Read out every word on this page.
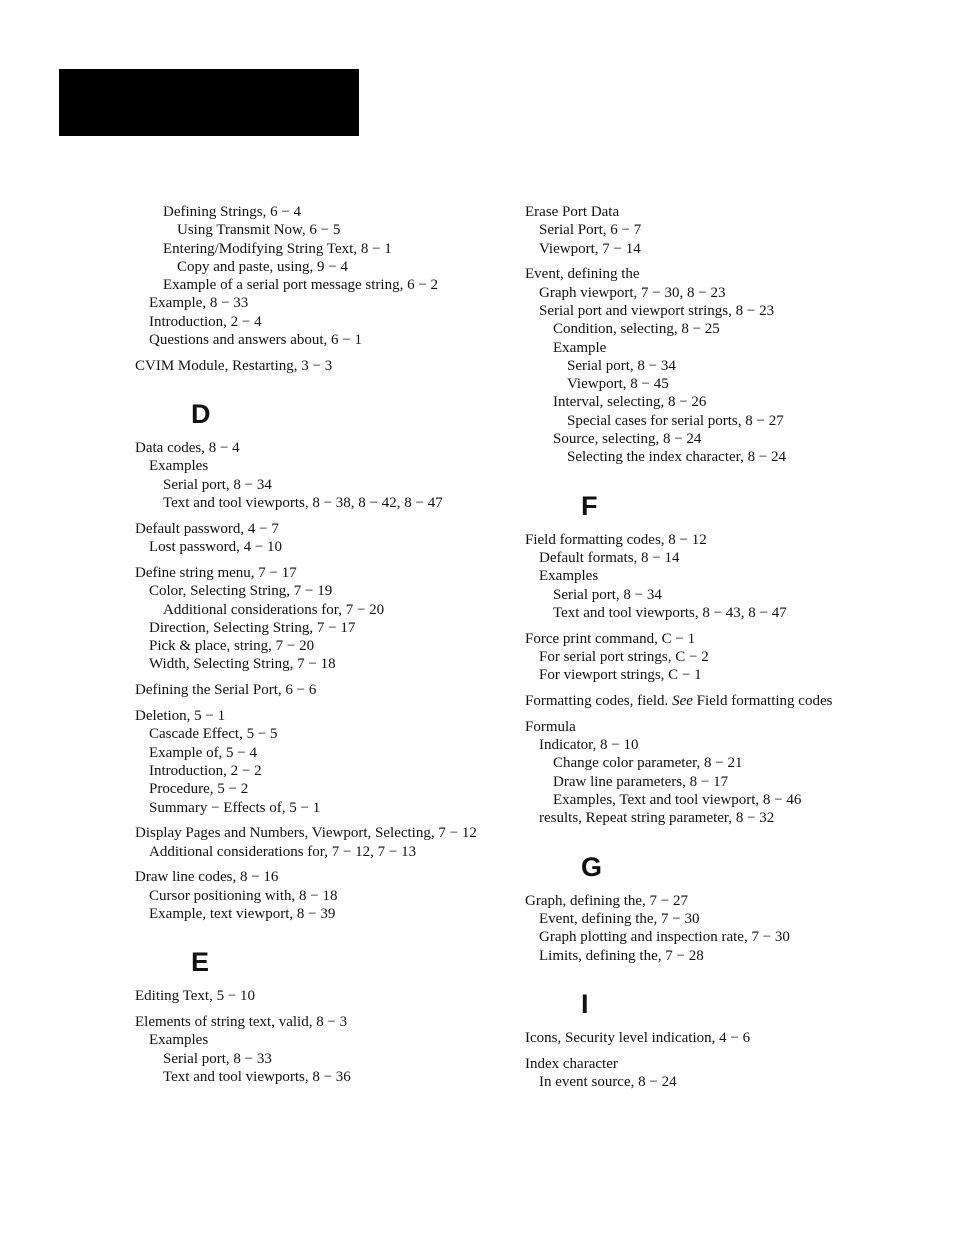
Defining Strings, 6 − 4
Using Transmit Now, 6 − 5
Entering/Modifying String Text, 8 − 1
Copy and paste, using, 9 − 4
Example of a serial port message string, 6 − 2
Example, 8 − 33
Introduction, 2 − 4
Questions and answers about, 6 − 1
CVIM Module, Restarting, 3 − 3
D
Data codes, 8 − 4
Examples
Serial port, 8 − 34
Text and tool viewports, 8 − 38, 8 − 42, 8 − 47
Default password, 4 − 7
Lost password, 4 − 10
Define string menu, 7 − 17
Color, Selecting String, 7 − 19
Additional considerations for, 7 − 20
Direction, Selecting String, 7 − 17
Pick & place, string, 7 − 20
Width, Selecting String, 7 − 18
Defining the Serial Port, 6 − 6
Deletion, 5 − 1
Cascade Effect, 5 − 5
Example of, 5 − 4
Introduction, 2 − 2
Procedure, 5 − 2
Summary − Effects of, 5 − 1
Display Pages and Numbers, Viewport, Selecting, 7 − 12
Additional considerations for, 7 − 12, 7 − 13
Draw line codes, 8 − 16
Cursor positioning with, 8 − 18
Example, text viewport, 8 − 39
E
Editing Text, 5 − 10
Elements of string text, valid, 8 − 3
Examples
Serial port, 8 − 33
Text and tool viewports, 8 − 36
Erase Port Data
Serial Port, 6 − 7
Viewport, 7 − 14
Event, defining the
Graph viewport, 7 − 30, 8 − 23
Serial port and viewport strings, 8 − 23
Condition, selecting, 8 − 25
Example
Serial port, 8 − 34
Viewport, 8 − 45
Interval, selecting, 8 − 26
Special cases for serial ports, 8 − 27
Source, selecting, 8 − 24
Selecting the index character, 8 − 24
F
Field formatting codes, 8 − 12
Default formats, 8 − 14
Examples
Serial port, 8 − 34
Text and tool viewports, 8 − 43, 8 − 47
Force print command, C − 1
For serial port strings, C − 2
For viewport strings, C − 1
Formatting codes, field. See Field formatting codes
Formula
Indicator, 8 − 10
Change color parameter, 8 − 21
Draw line parameters, 8 − 17
Examples, Text and tool viewport, 8 − 46
results, Repeat string parameter, 8 − 32
G
Graph, defining the, 7 − 27
Event, defining the, 7 − 30
Graph plotting and inspection rate, 7 − 30
Limits, defining the, 7 − 28
I
Icons, Security level indication, 4 − 6
Index character
In event source, 8 − 24
